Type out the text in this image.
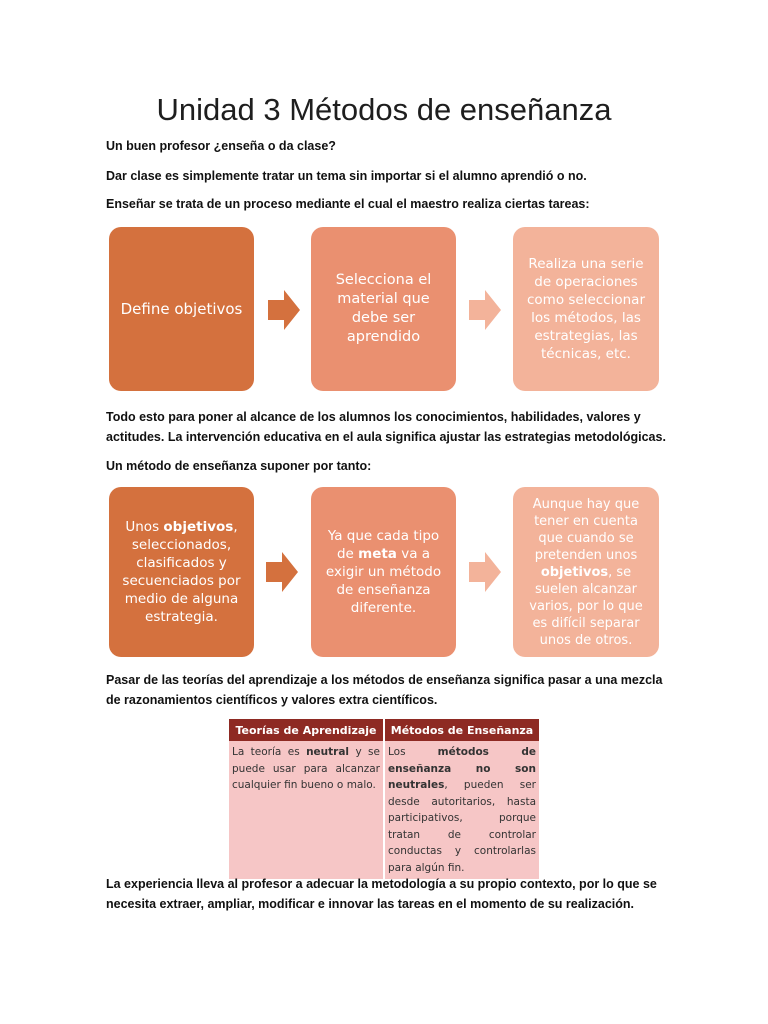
Unidad 3 Métodos de enseñanza
Un buen profesor ¿enseña o da clase?
Dar clase es simplemente tratar un tema sin importar si el alumno aprendió o no.
Enseñar se trata de un proceso mediante el cual el maestro realiza ciertas tareas:
Define objetivos
Selecciona el material que debe ser aprendido
Realiza una serie de operaciones como seleccionar los métodos, las estrategias, las técnicas, etc.
Todo esto para poner al alcance de los alumnos los conocimientos, habilidades, valores y actitudes. La intervención educativa en el aula significa ajustar las estrategias metodológicas.
Un método de enseñanza suponer por tanto:
Unos objetivos, seleccionados, clasificados y secuenciados por medio de alguna estrategia.
Ya que cada tipo de meta va a exigir un método de enseñanza diferente.
Aunque hay que tener en cuenta que cuando se pretenden unos objetivos, se suelen alcanzar varios, por lo que es difícil separar unos de otros.
Pasar de las teorías del aprendizaje a los métodos de enseñanza significa pasar a una mezcla de razonamientos científicos y valores extra científicos.
Teorías de Aprendizaje	Métodos de Enseñanza
La teoría es neutral y se puede usar para alcanzar cualquier fin bueno o malo.	Los métodos de enseñanza no son neutrales, pueden ser desde autoritarios, hasta participativos, porque tratan de controlar conductas y controlarlas para algún fin.
La experiencia lleva al profesor a adecuar la metodología a su propio contexto, por lo que se necesita extraer, ampliar, modificar e innovar las tareas en el momento de su realización.
